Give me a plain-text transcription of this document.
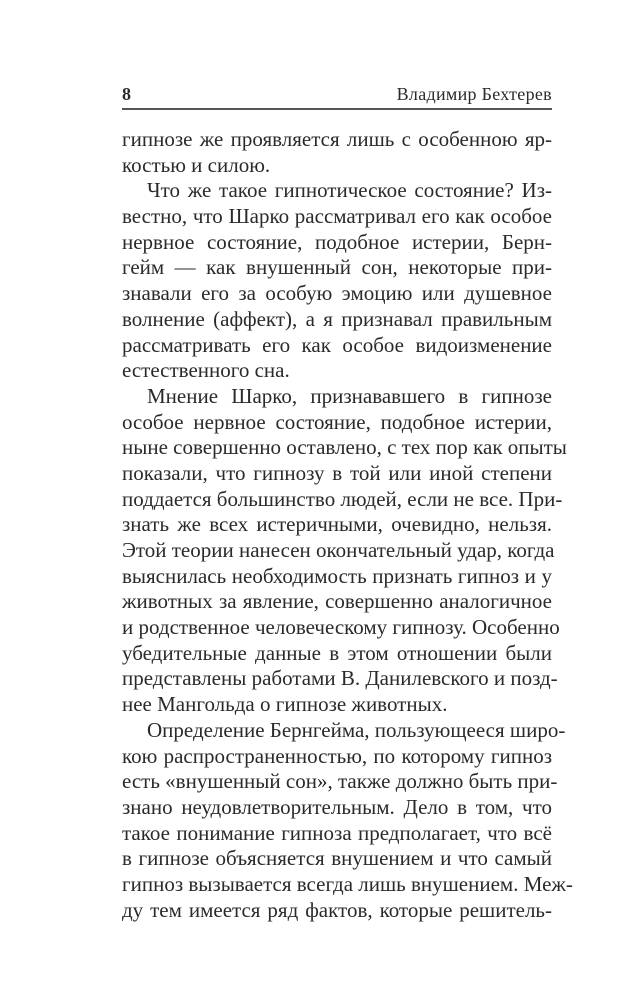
8	Владимир Бехтерев
гипнозе же проявляется лишь с особенною яр-
костью и силою.
Что же такое гипнотическое состояние? Из-
вестно, что Шарко рассматривал его как особое
нервное состояние, подобное истерии, Берн-
гейм — как внушенный сон, некоторые при-
знавали его за особую эмоцию или душевное
волнение (аффект), а я признавал правильным
рассматривать его как особое видоизменение
естественного сна.
Мнение Шарко, признававшего в гипнозе
особое нервное состояние, подобное истерии,
ныне совершенно оставлено, с тех пор как опыты
показали, что гипнозу в той или иной степени
поддается большинство людей, если не все. При-
знать же всех истеричными, очевидно, нельзя.
Этой теории нанесен окончательный удар, когда
выяснилась необходимость признать гипноз и у
животных за явление, совершенно аналогичное
и родственное человеческому гипнозу. Особенно
убедительные данные в этом отношении были
представлены работами В. Данилевского и позд-
нее Мангольда о гипнозе животных.
Определение Бернгейма, пользующееся широ-
кою распространенностью, по которому гипноз
есть «внушенный сон», также должно быть при-
знано неудовлетворительным. Дело в том, что
такое понимание гипноза предполагает, что всё
в гипнозе объясняется внушением и что самый
гипноз вызывается всегда лишь внушением. Меж-
ду тем имеется ряд фактов, которые решитель-
